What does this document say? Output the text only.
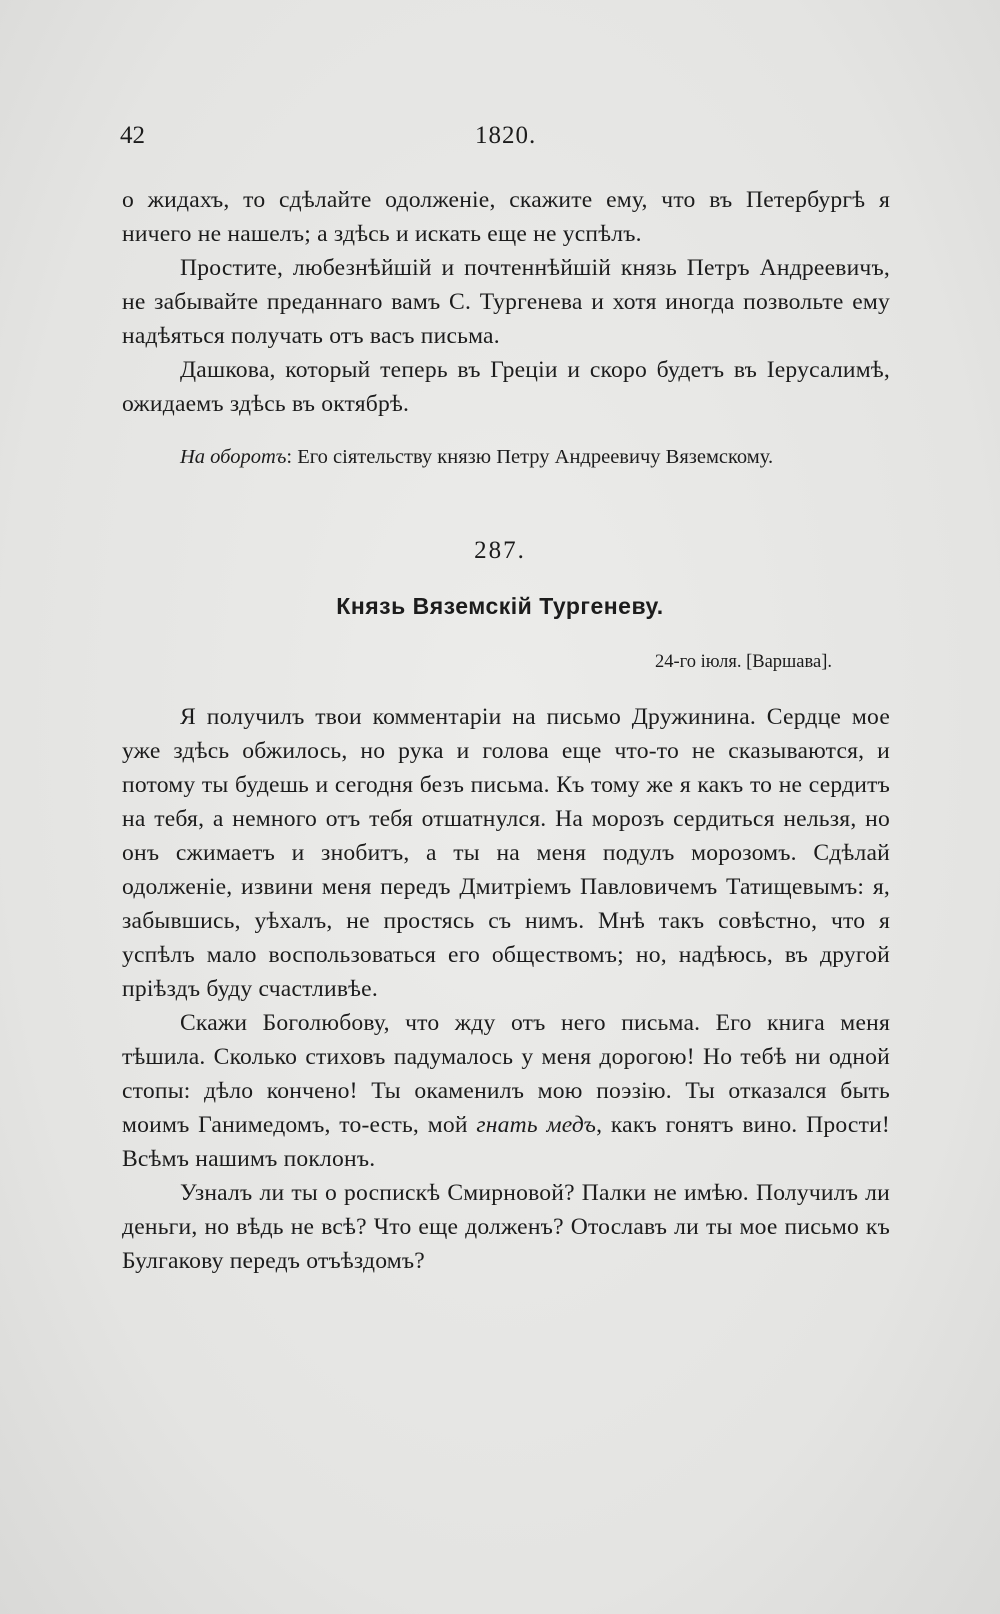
42	1820.

о жидахъ, то сдѣлайте одолженіе, скажите ему, что въ Петербургѣ я ничего не нашелъ; а здѣсь и искать еще не успѣлъ.

Простите, любезнѣйшій и почтеннѣйшій князь Петръ Андреевичъ, не забывайте преданнаго вамъ С. Тургенева и хотя иногда позвольте ему надѣяться получать отъ васъ письма.

Дашкова, который теперь въ Греціи и скоро будетъ въ Іерусалимѣ, ожидаемъ здѣсь въ октябрѣ.

На оборотъ: Его сіятельству князю Петру Андреевичу Вяземскому.
287.
Князь Вяземскій Тургеневу.
24-го іюля. [Варшава].

Я получилъ твои комментаріи на письмо Дружинина. Сердце мое уже здѣсь обжилось, но рука и голова еще что-то не сказываются, и потому ты будешь и сегодня безъ письма. Къ тому же я какъ то не сердитъ на тебя, а немного отъ тебя отшатнулся. На морозъ сердиться нельзя, но онъ сжимаетъ и знобитъ, а ты на меня подулъ морозомъ. Сдѣлай одолженіе, извини меня передъ Дмитріемъ Павловичемъ Татищевымъ: я, забывшись, уѣхалъ, не простясь съ нимъ. Мнѣ такъ совѣстно, что я успѣлъ мало воспользоваться его обществомъ; но, надѣюсь, въ другой пріѣздъ буду счастливѣе.

Скажи Боголюбову, что жду отъ него письма. Его книга меня тѣшила. Сколько стиховъ падумалось у меня дорогою! Но тебѣ ни одной стопы: дѣло кончено! Ты окаменилъ мою поэзію. Ты отказался быть моимъ Ганимедомъ, то-есть, мой гнать медъ, какъ гонятъ вино. Прости! Всѣмъ нашимъ поклонъ.

Узналъ ли ты о роспискѣ Смирновой? Палки не имѣю. Получилъ ли деньги, но вѣдь не всѣ? Что еще долженъ? Отославъ ли ты мое письмо къ Булгакову передъ отъѣздомъ?
